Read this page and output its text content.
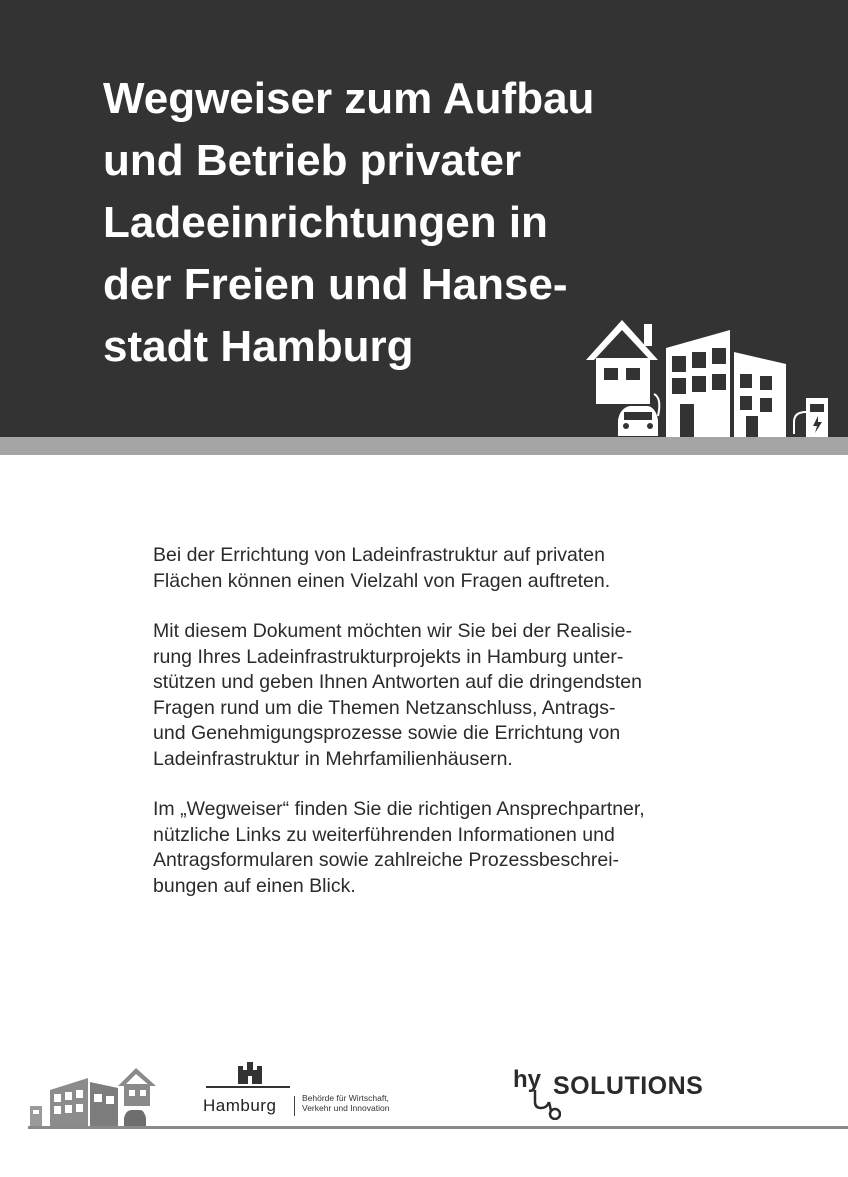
Wegweiser zum Aufbau
und Betrieb privater
Ladeeinrichtungen in
der Freien und Hanse-
stadt Hamburg
Bei der Errichtung von Ladeinfrastruktur auf privaten
Flächen können einen Vielzahl von Fragen auftreten.
Mit diesem Dokument möchten wir Sie bei der Realisie-
rung Ihres Ladeinfrastrukturprojekts in Hamburg unter-
stützen und geben Ihnen Antworten auf die dringendsten
Fragen rund um die Themen Netzanschluss, Antrags-
und Genehmigungsprozesse sowie die Errichtung von
Ladeinfrastruktur in Mehrfamilienhäusern.
Im „Wegweiser“ finden Sie die richtigen Ansprechpartner,
nützliche Links zu weiterführenden Informationen und
Antragsformularen sowie zahlreiche Prozessbeschrei-
bungen auf einen Blick.
Hamburg	Behörde für Wirtschaft,
Verkehr und Innovation
hy SOLUTIONS
